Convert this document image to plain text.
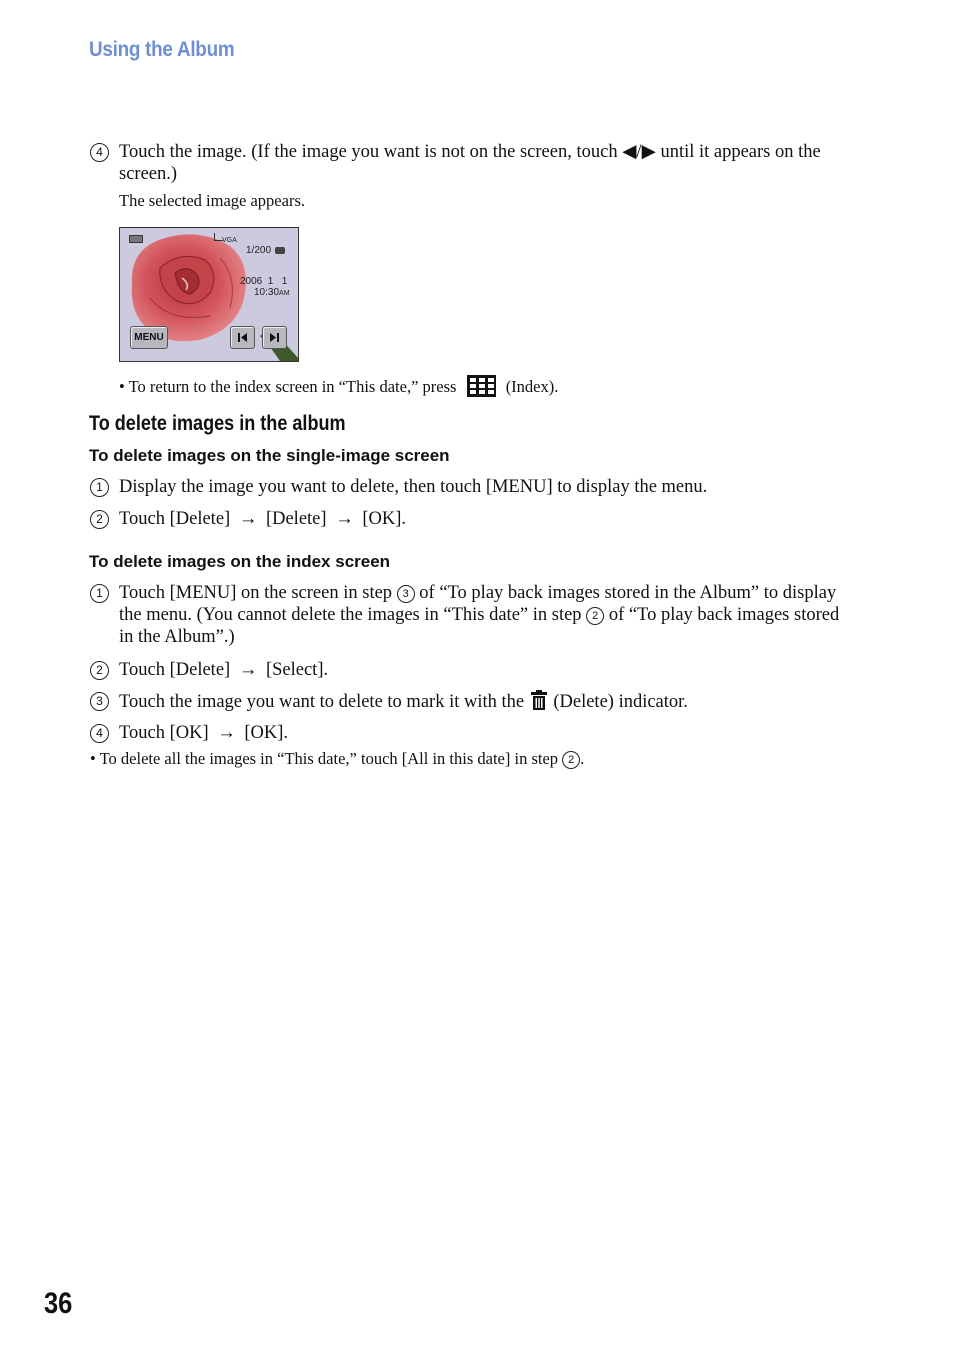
Using the Album
4 Touch the image. (If the image you want is not on the screen, touch ◀/▶ until it appears on the
screen.)
The selected image appears.
VGA
1/200
2006  1   1
10:30AM
MENU
• To return to the index screen in “This date,” press	(Index).
To delete images in the album
To delete images on the single-image screen
1 Display the image you want to delete, then touch [MENU] to display the menu.
2 Touch [Delete] → [Delete] → [OK].
To delete images on the index screen
1 Touch [MENU] on the screen in step 3 of “To play back images stored in the Album” to display
the menu. (You cannot delete the images in “This date” in step 2 of “To play back images stored
in the Album”.)
2 Touch [Delete] → [Select].
3 Touch the image you want to delete to mark it with the  (Delete) indicator.
4 Touch [OK] → [OK].
• To delete all the images in “This date,” touch [All in this date] in step 2 .
36
